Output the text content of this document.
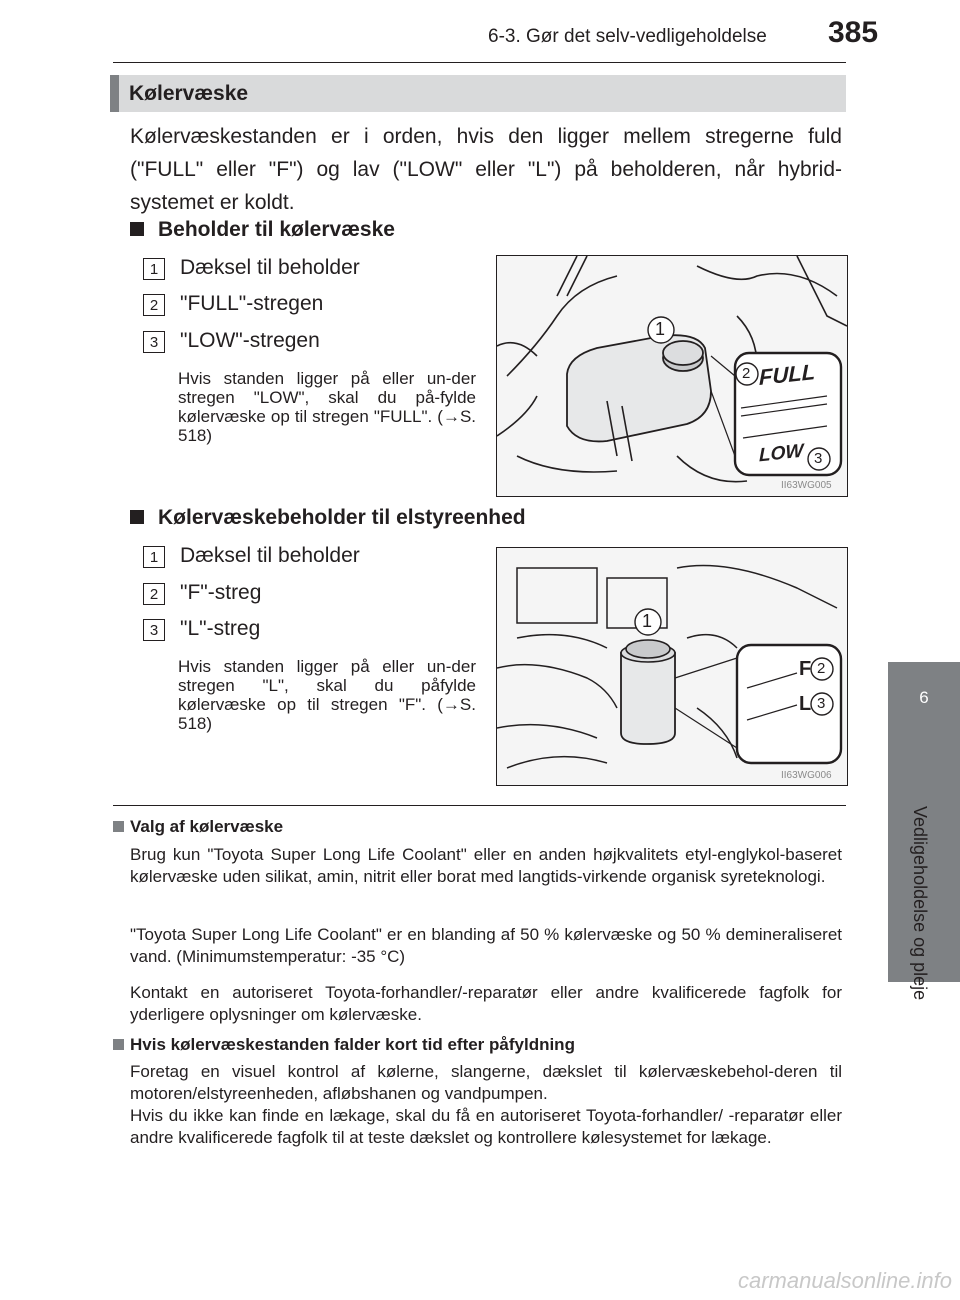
6-3. Gør det selv-vedligeholdelse 385
Kølervæske
Kølervæskestanden er i orden, hvis den ligger mellem stregerne fuld ("FULL" eller "F") og lav ("LOW" eller "L") på beholderen, når hybrid-systemet er koldt.
Beholder til kølervæske
1	Dæksel til beholder
2	"FULL"-stregen
3	"LOW"-stregen
Hvis standen ligger på eller un-der stregen "LOW", skal du på-fylde kølervæske op til stregen "FULL". (→S. 518)
1
2
3
FULL
LOW
II63WG005
Kølervæskebeholder til elstyreenhed
1	Dæksel til beholder
2	"F"-streg
3	"L"-streg
Hvis standen ligger på eller un-der stregen "L", skal du påfylde kølervæske op til stregen "F". (→S. 518)
1
2
3
F
L
II63WG006
Valg af kølervæske
Brug kun "Toyota Super Long Life Coolant" eller en anden højkvalitets etyl-englykol-baseret kølervæske uden silikat, amin, nitrit eller borat med langtids-virkende organisk syreteknologi.
"Toyota Super Long Life Coolant" er en blanding af 50 % kølervæske og 50 % demineraliseret vand. (Minimumstemperatur: -35 °C)
Kontakt en autoriseret Toyota-forhandler/-reparatør eller andre kvalificerede fagfolk for yderligere oplysninger om kølervæske.
Hvis kølervæskestanden falder kort tid efter påfyldning
Foretag en visuel kontrol af kølerne, slangerne, dækslet til kølervæskebehol-deren til motoren/elstyreenheden, afløbshanen og vandpumpen.
Hvis du ikke kan finde en lækage, skal du få en autoriseret Toyota-forhandler/ -reparatør eller andre kvalificerede fagfolk til at teste dækslet og kontrollere kølesystemet for lækage.
6
Vedligeholdelse og pleje
carmanualsonline.info
